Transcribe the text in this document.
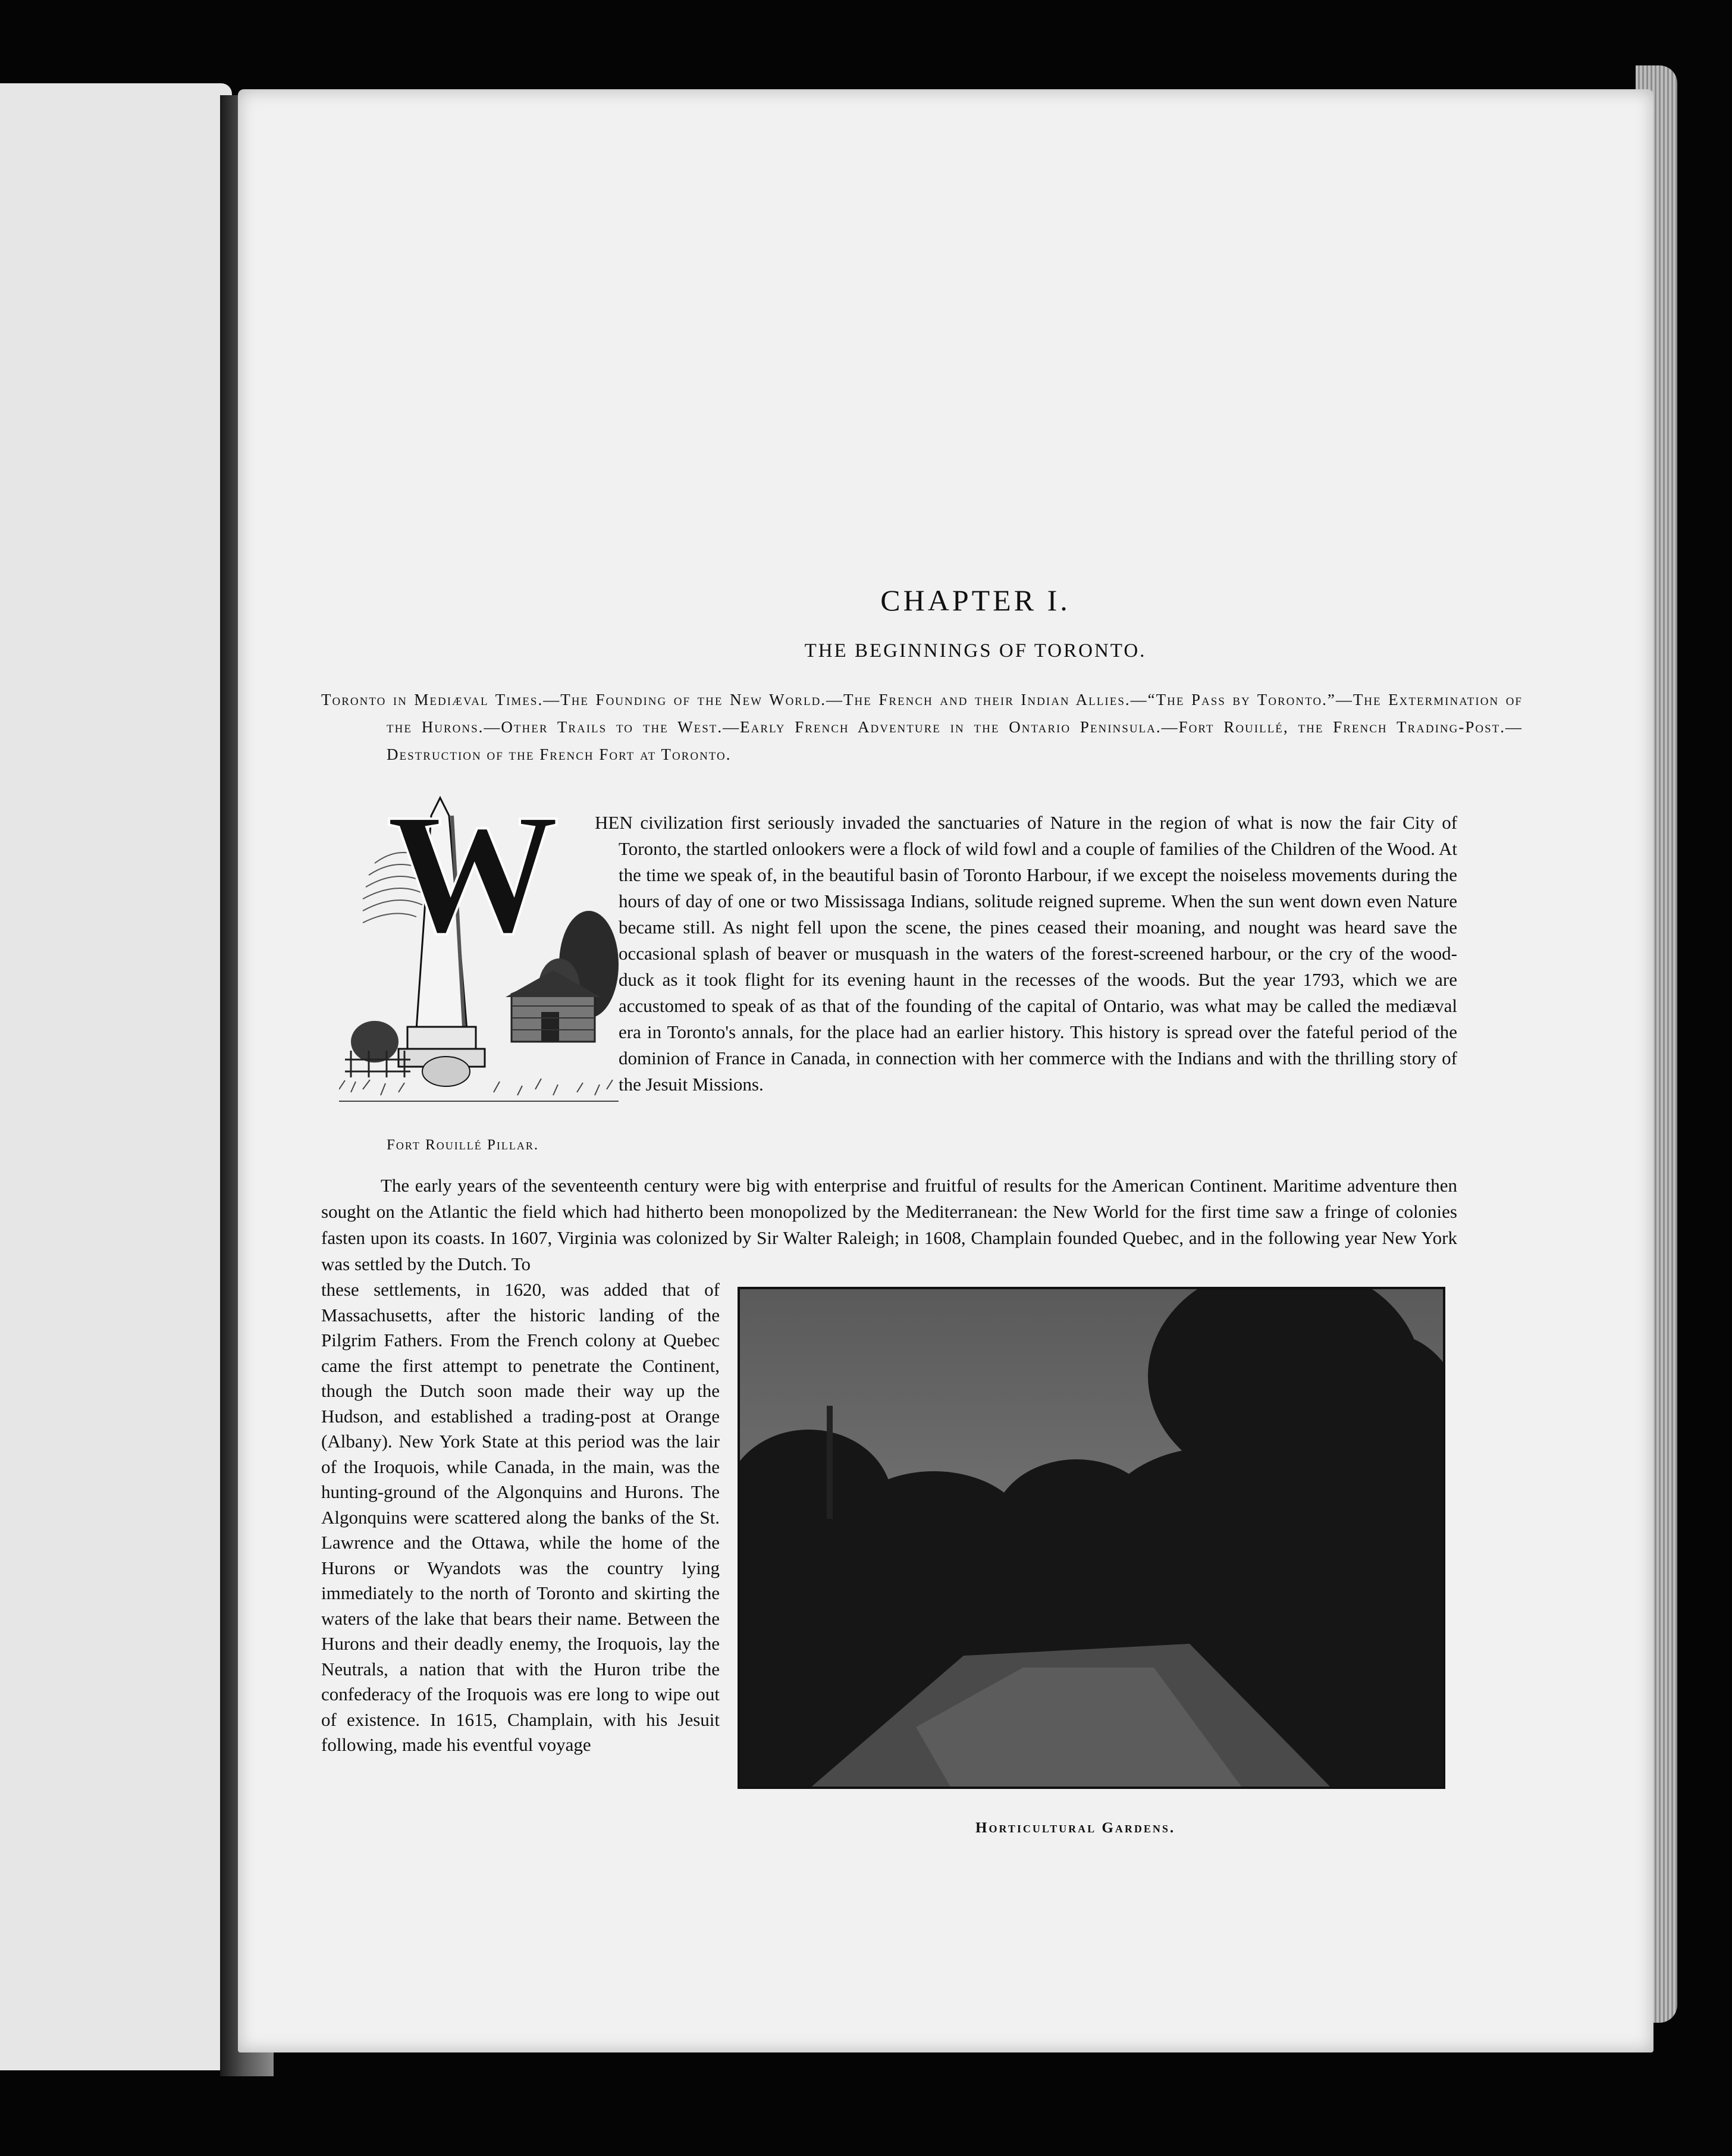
CHAPTER I.
THE BEGINNINGS OF TORONTO.

Toronto in Mediæval Times.—The Founding of the New World.—The French and their Indian Allies.—“The Pass by Toronto.”—The Extermination of the Hurons.—Other Trails to the West.—Early French Adventure in the Ontario Peninsula.—Fort Rouillé, the French Trading-Post.—Destruction of the French Fort at Toronto.

W
Fort Rouillé Pillar.
HEN civilization first seriously invaded the sanctuaries of Nature in the region of what is now the fair City of Toronto, the startled onlookers were a flock of wild fowl and a couple of families of the Children of the Wood. At the time we speak of, in the beautiful basin of Toronto Harbour, if we except the noiseless movements during the hours of day of one or two Mississaga Indians, solitude reigned supreme. When the sun went down even Nature became still. As night fell upon the scene, the pines ceased their moaning, and nought was heard save the occasional splash of beaver or musquash in the waters of the forest-screened harbour, or the cry of the wood-duck as it took flight for its evening haunt in the recesses of the woods. But the year 1793, which we are accustomed to speak of as that of the founding of the capital of Ontario, was what may be called the mediæval era in Toronto's annals, for the place had an earlier history. This history is spread over the fateful period of the dominion of France in Canada, in connection with her commerce with the Indians and with the thrilling story of the Jesuit Missions.

The early years of the seventeenth century were big with enterprise and fruitful of results for the American Continent. Maritime adventure then sought on the Atlantic the field which had hitherto been monopolized by the Mediterranean: the New World for the first time saw a fringe of colonies fasten upon its coasts. In 1607, Virginia was colonized by Sir Walter Raleigh; in 1608, Champlain founded Quebec, and in the following year New York was settled by the Dutch. To

these settlements, in 1620, was added that of Massachusetts, after the historic landing of the Pilgrim Fathers. From the French colony at Quebec came the first attempt to penetrate the Continent, though the Dutch soon made their way up the Hudson, and established a trading-post at Orange (Albany). New York State at this period was the lair of the Iroquois, while Canada, in the main, was the hunting-ground of the Algonquins and Hurons. The Algonquins were scattered along the banks of the St. Lawrence and the Ottawa, while the home of the Hurons or Wyandots was the country lying immediately to the north of Toronto and skirting the waters of the lake that bears their name. Between the Hurons and their deadly enemy, the Iroquois, lay the Neutrals, a nation that with the Huron tribe the confederacy of the Iroquois was ere long to wipe out of existence. In 1615, Champlain, with his Jesuit following, made his eventful voyage
Horticultural Gardens.
